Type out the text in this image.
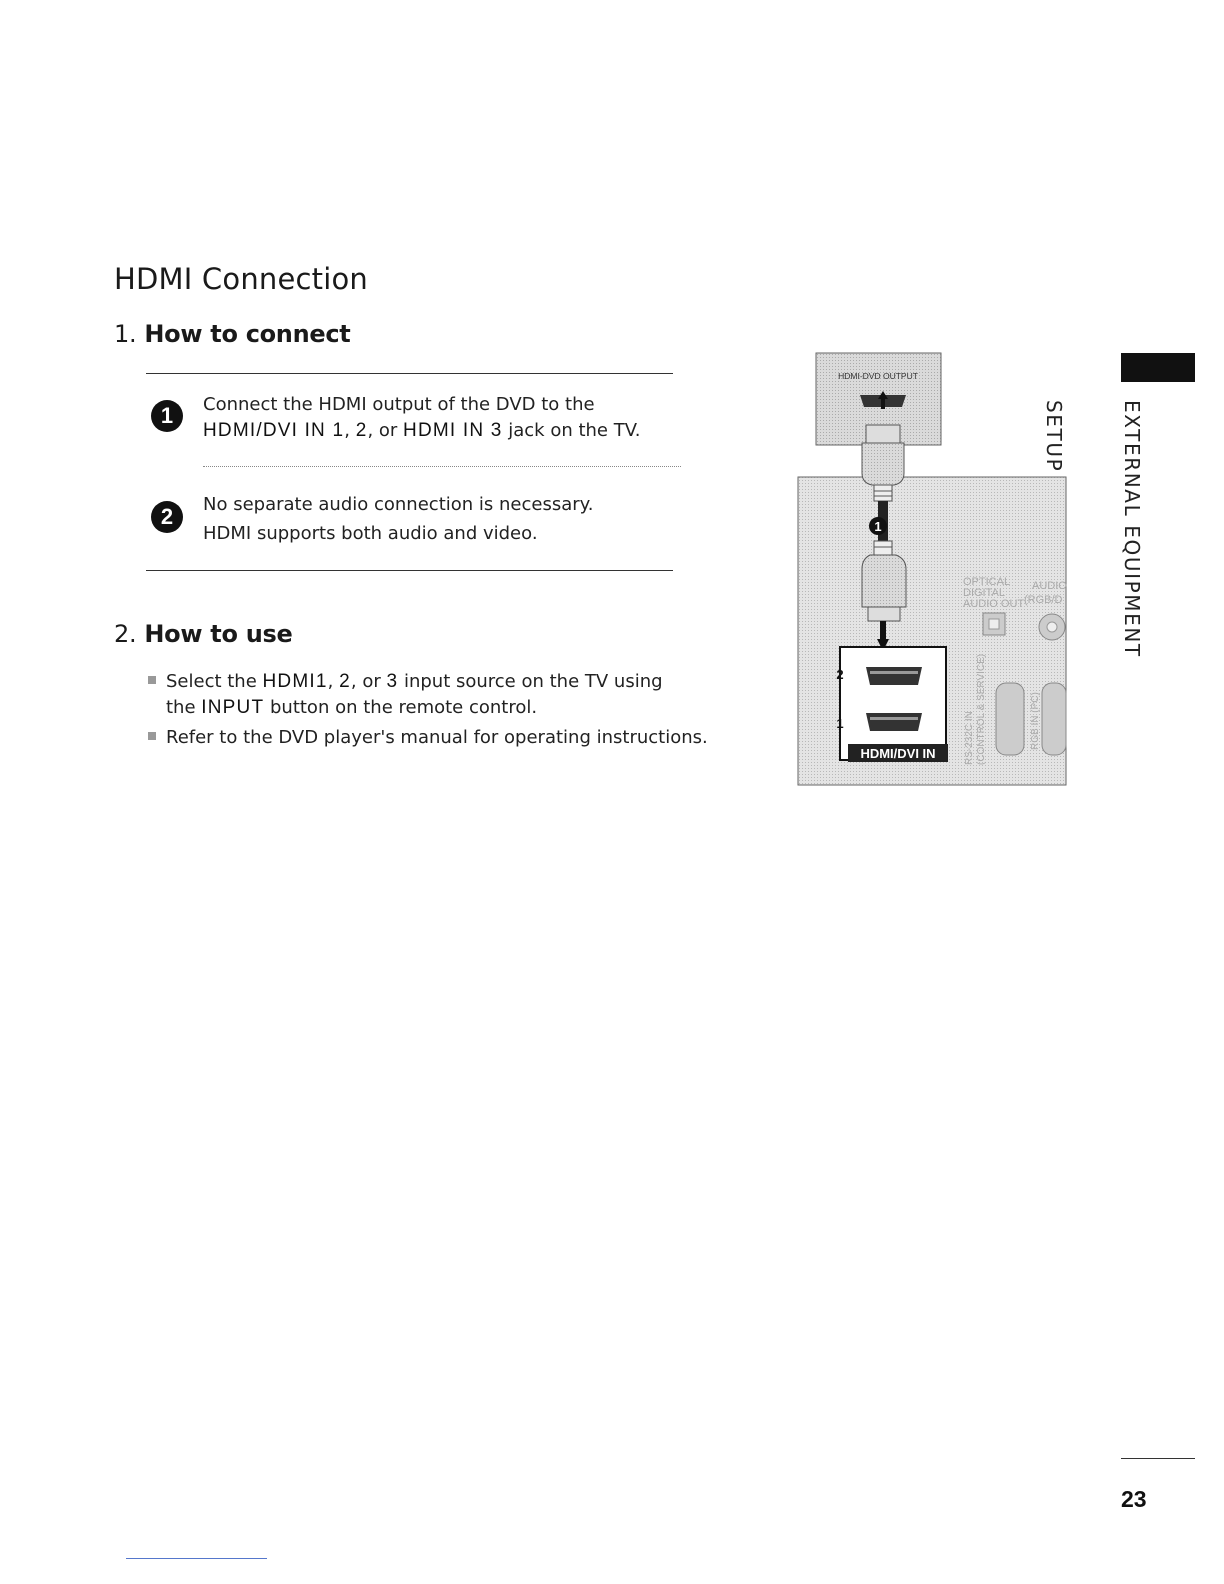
HDMI Connection
1. How to connect
1	Connect the HDMI output of the DVD to the
HDMI/DVI IN 1, 2, or HDMI IN 3 jack on the TV.
2	No separate audio connection is necessary.
HDMI supports both audio and video.
2. How to use
Select the HDMI1, 2, or 3 input source on the TV using
the INPUT button on the remote control.
Refer to the DVD player's manual for operating instructions.
HDMI-DVD OUTPUT
1
2
1
HDMI/DVI IN
OPTICAL
DIGITAL
AUDIO OUT
AUDIO
(RGB/D
RS-232C IN (CONTROL & SERVICE)	RGB IN (PC)
EXTERNAL EQUIPMENT SETUP
23
